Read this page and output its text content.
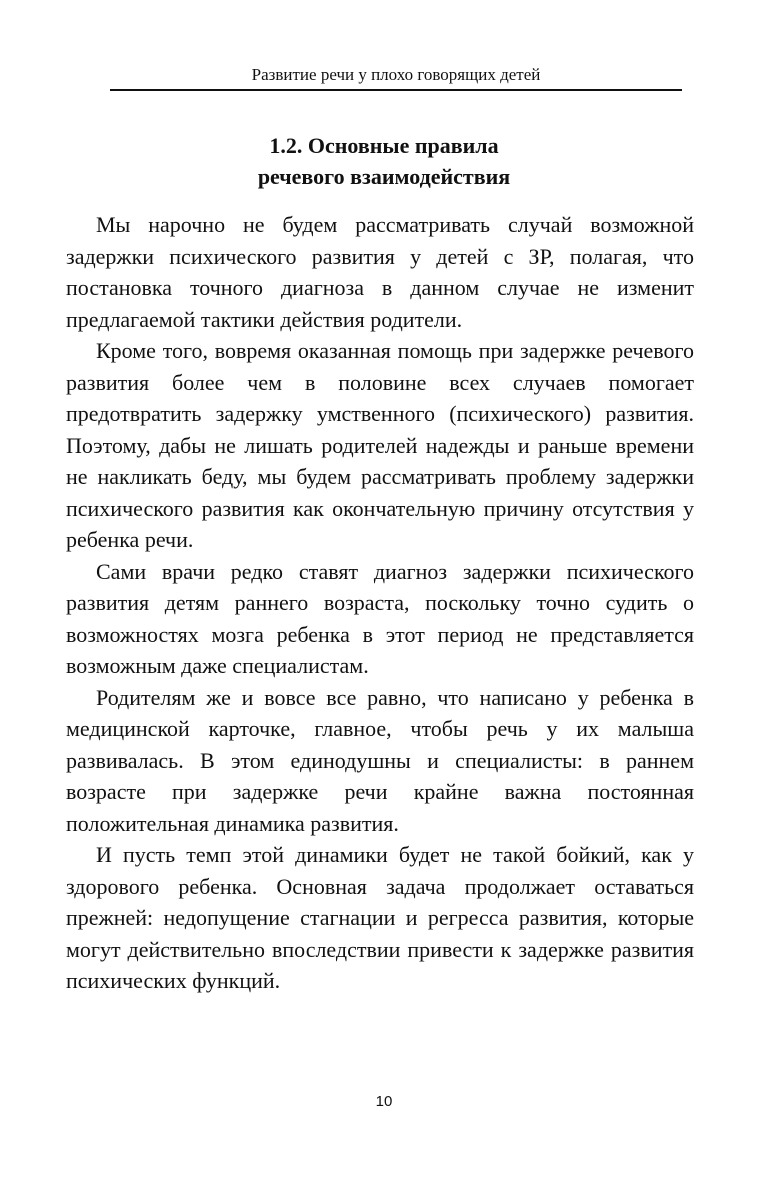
Развитие речи у плохо говорящих детей
1.2. Основные правила
речевого взаимодействия

Мы нарочно не будем рассматривать случай возможной задержки психического развития у детей с ЗР, полагая, что постановка точного диагноза в данном случае не изменит предлагаемой тактики действия родители.

Кроме того, вовремя оказанная помощь при задержке речевого развития более чем в половине всех случаев помогает предотвратить задержку умственного (психического) развития. Поэтому, дабы не лишать родителей надежды и раньше времени не накликать беду, мы будем рассматривать проблему задержки психического развития как окончательную причину отсутствия у ребенка речи.

Сами врачи редко ставят диагноз задержки психического развития детям раннего возраста, поскольку точно судить о возможностях мозга ребенка в этот период не представляется возможным даже специалистам.

Родителям же и вовсе все равно, что написано у ребенка в медицинской карточке, главное, чтобы речь у их малыша развивалась. В этом единодушны и специалисты: в раннем возрасте при задержке речи крайне важна постоянная положительная динамика развития.

И пусть темп этой динамики будет не такой бойкий, как у здорового ребенка. Основная задача продолжает оставаться прежней: недопущение стагнации и регресса развития, которые могут действительно впоследствии привести к задержке развития психических функций.

10
